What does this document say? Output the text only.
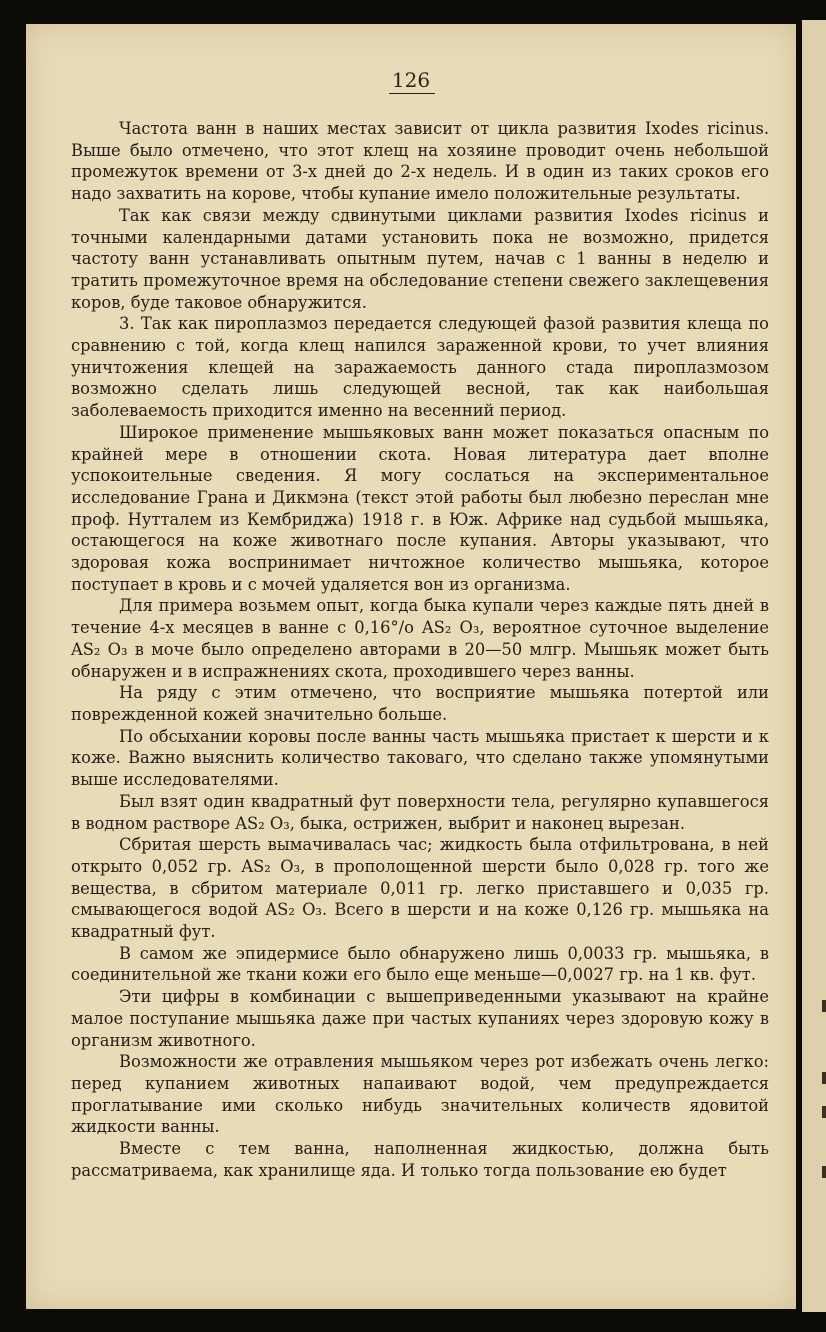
126

Частота ванн в наших местах зависит от цикла развития Ixodes ricinus. Выше было отмечено, что этот клещ на хозяине проводит очень небольшой промежуток времени от 3-х дней до 2-х недель. И в один из таких сроков его надо захватить на корове, чтобы купание имело положительные результаты.

Так как связи между сдвинутыми циклами развития Ixodes ricinus и точными календарными датами установить пока не возможно, придется частоту ванн устанавливать опытным путем, начав с 1 ванны в неделю и тратить промежуточное время на обследование степени свежего заклещевения коров, буде таковое обнаружится.

3. Так как пироплазмоз передается следующей фазой развития клеща по сравнению с той, когда клещ напился зараженной крови, то учет влияния уничтожения клещей на заражаемость данного стада пироплазмозом возможно сделать лишь следующей весной, так как наибольшая заболеваемость приходится именно на весенний период.

Широкое применение мышьяковых ванн может показаться опасным по крайней мере в отношении скота. Новая литература дает вполне успокоительные сведения. Я могу сослаться на экспериментальное исследование Грана и Дикмэна (текст этой работы был любезно переслан мне проф. Нутталем из Кембриджа) 1918 г. в Юж. Африке над судьбой мышьяка, остающегося на коже животнаго после купания. Авторы указывают, что здоровая кожа воспринимает ничтожное количество мышьяка, которое поступает в кровь и с мочей удаляется вон из организма.

Для примера возьмем опыт, когда быка купали через каждые пять дней в течение 4-х месяцев в ванне с 0,16°/о AS₂ O₃, вероятное суточное выделение AS₂ O₃ в моче было определено авторами в 20—50 млгр. Мышьяк может быть обнаружен и в испражнениях скота, проходившего через ванны.

На ряду с этим отмечено, что восприятие мышьяка потертой или поврежденной кожей значительно больше.

По обсыхании коровы после ванны часть мышьяка пристает к шерсти и к коже. Важно выяснить количество таковаго, что сделано также упомянутыми выше исследователями.

Был взят один квадратный фут поверхности тела, регулярно купавшегося в водном растворе AS₂ O₃, быка, острижен, выбрит и наконец вырезан.

Сбритая шерсть вымачивалась час; жидкость была отфильтрована, в ней открыто 0,052 гр. AS₂ O₃, в прополощенной шерсти было 0,028 гр. того же вещества, в сбритом материале 0,011 гр. легко приставшего и 0,035 гр. смывающегося водой AS₂ O₃. Всего в шерсти и на коже 0,126 гр. мышьяка на квадратный фут.

В самом же эпидермисе было обнаружено лишь 0,0033 гр. мышьяка, в соединительной же ткани кожи его было еще меньше—0,0027 гр. на 1 кв. фут.

Эти цифры в комбинации с вышеприведенными указывают на крайне малое поступание мышьяка даже при частых купаниях через здоровую кожу в организм животного.

Возможности же отравления мышьяком через рот избежать очень легко: перед купанием животных напаивают водой, чем предупреждается проглатывание ими сколько нибудь значительных количеств ядовитой жидкости ванны.

Вместе с тем ванна, наполненная жидкостью, должна быть рассматриваема, как хранилище яда. И только тогда пользование ею будет
